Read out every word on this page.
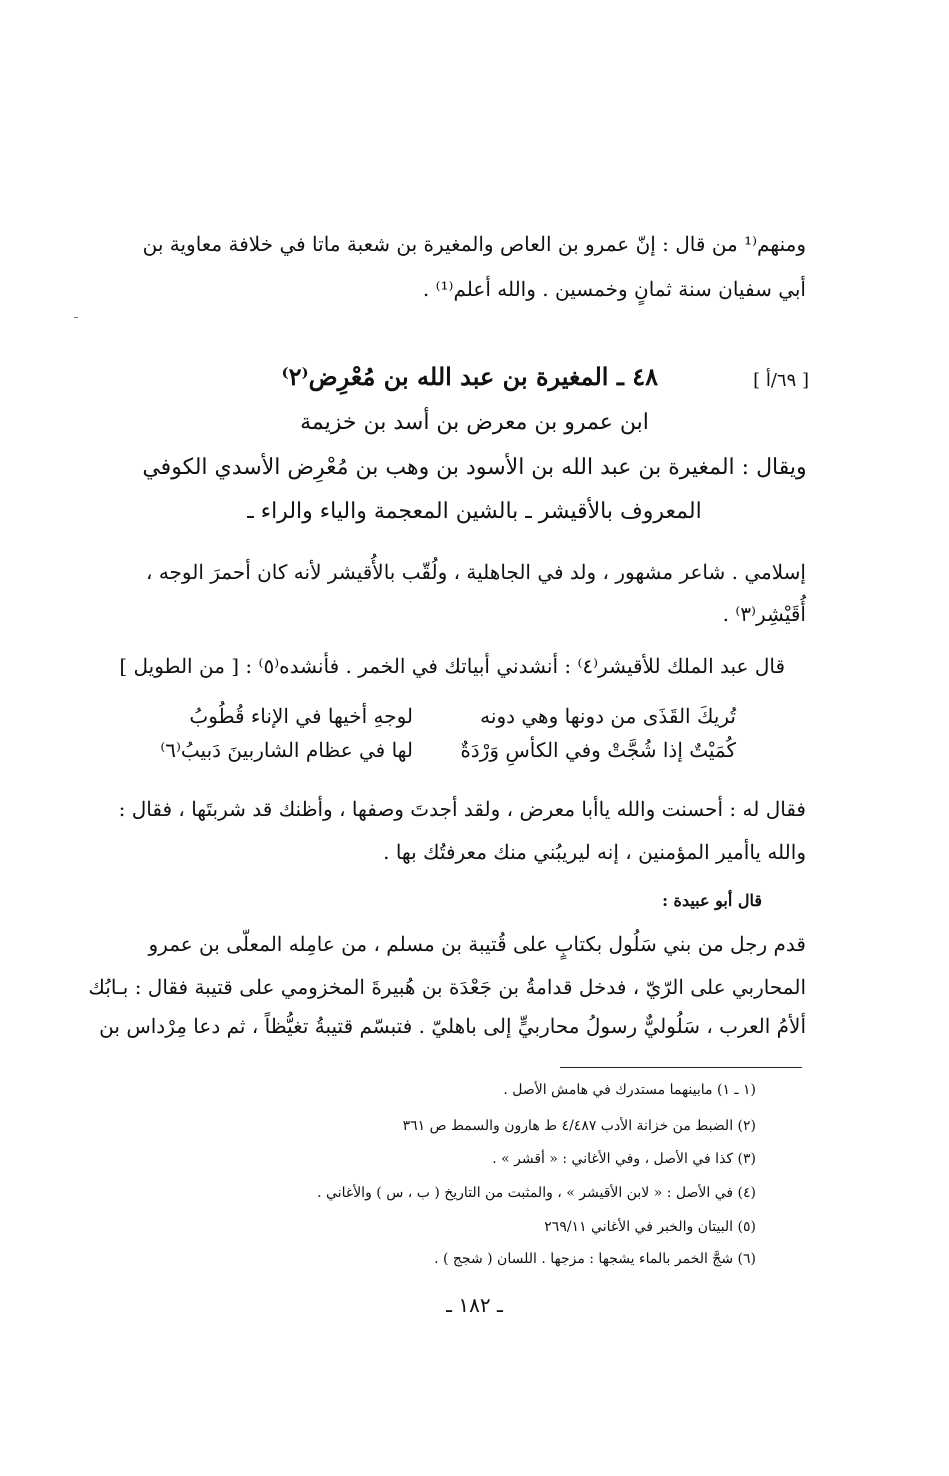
ومنهم⁽¹ من قال : إنّ عمرو بن العاص والمغيرة بن شعبة ماتا في خلافة معاوية بن
أبي سفيان سنة ثمانٍ وخمسين . والله أعلم⁽¹⁾ .
٤٨ ـ المغيرة بن عبد الله بن مُعْرِض⁽٢⁾	[ ٦٩/أ ]
ابن عمرو بن معرض بن أسد بن خزيمة
ويقال : المغيرة بن عبد الله بن الأسود بن وهب بن مُعْرِض الأسدي الكوفي
المعروف بالأقيشر ـ بالشين المعجمة والياء والراء ـ
إسلامي . شاعر مشهور ، ولد في الجاهلية ، ولُقّب بالأُقيشر لأنه كان أحمرَ الوجه ،
أُقَيْشِر⁽٣⁾ .
قال عبد الملك للأقيشر⁽٤⁾ : أنشدني أبياتك في الخمر . فأنشده⁽٥⁾ : [ من الطويل ]
تُريكَ القَذَى من دونها وهي دونه
لوجهِ أخيها في الإناء قُطُوبُ
كُمَيْتٌ إذا شُجَّتْ وفي الكأسِ وَرْدَةٌ
لها في عظام الشاربينَ دَبيبُ⁽٦⁾
فقال له : أحسنت والله ياأبا معرض ، ولقد أجدتَ وصفها ، وأظنك قد شربتَها ، فقال :
والله ياأمير المؤمنين ، إنه ليريبُني منك معرفتُك بها .
قال أبو عبيدة :
قدم رجل من بني سَلُول بكتابٍ على قُتيبة بن مسلم ، من عامِله المعلّى بن عمرو
المحاربي على الرّيّ ، فدخل قدامةُ بن جَعْدَة بن هُبيرةَ المخزومي على قتيبة فقال : بـابُك
ألأمُ العرب ، سَلُوليٌّ رسولُ محاربيٍّ إلى باهليّ . فتبسّم قتيبةُ تغيُّظاً ، ثم دعا مِرْداس بن
(١ ـ ١) مابينهما مستدرك في هامش الأصل .
(٢) الضبط من خزانة الأدب ٤/٤٨٧ ط هارون والسمط ص ٣٦١
(٣) كذا في الأصل ، وفي الأغاني : « أقشر » .
(٤) في الأصل : « لابن الأقيشر » ، والمثبت من التاريخ ( ب ، س ) والأغاني .
(٥) البيتان والخبر في الأغاني ٢٦٩/١١
(٦) شجَّ الخمر بالماء يشجها : مزجها . اللسان ( شجج ) .
ـ ١٨٢ ـ
